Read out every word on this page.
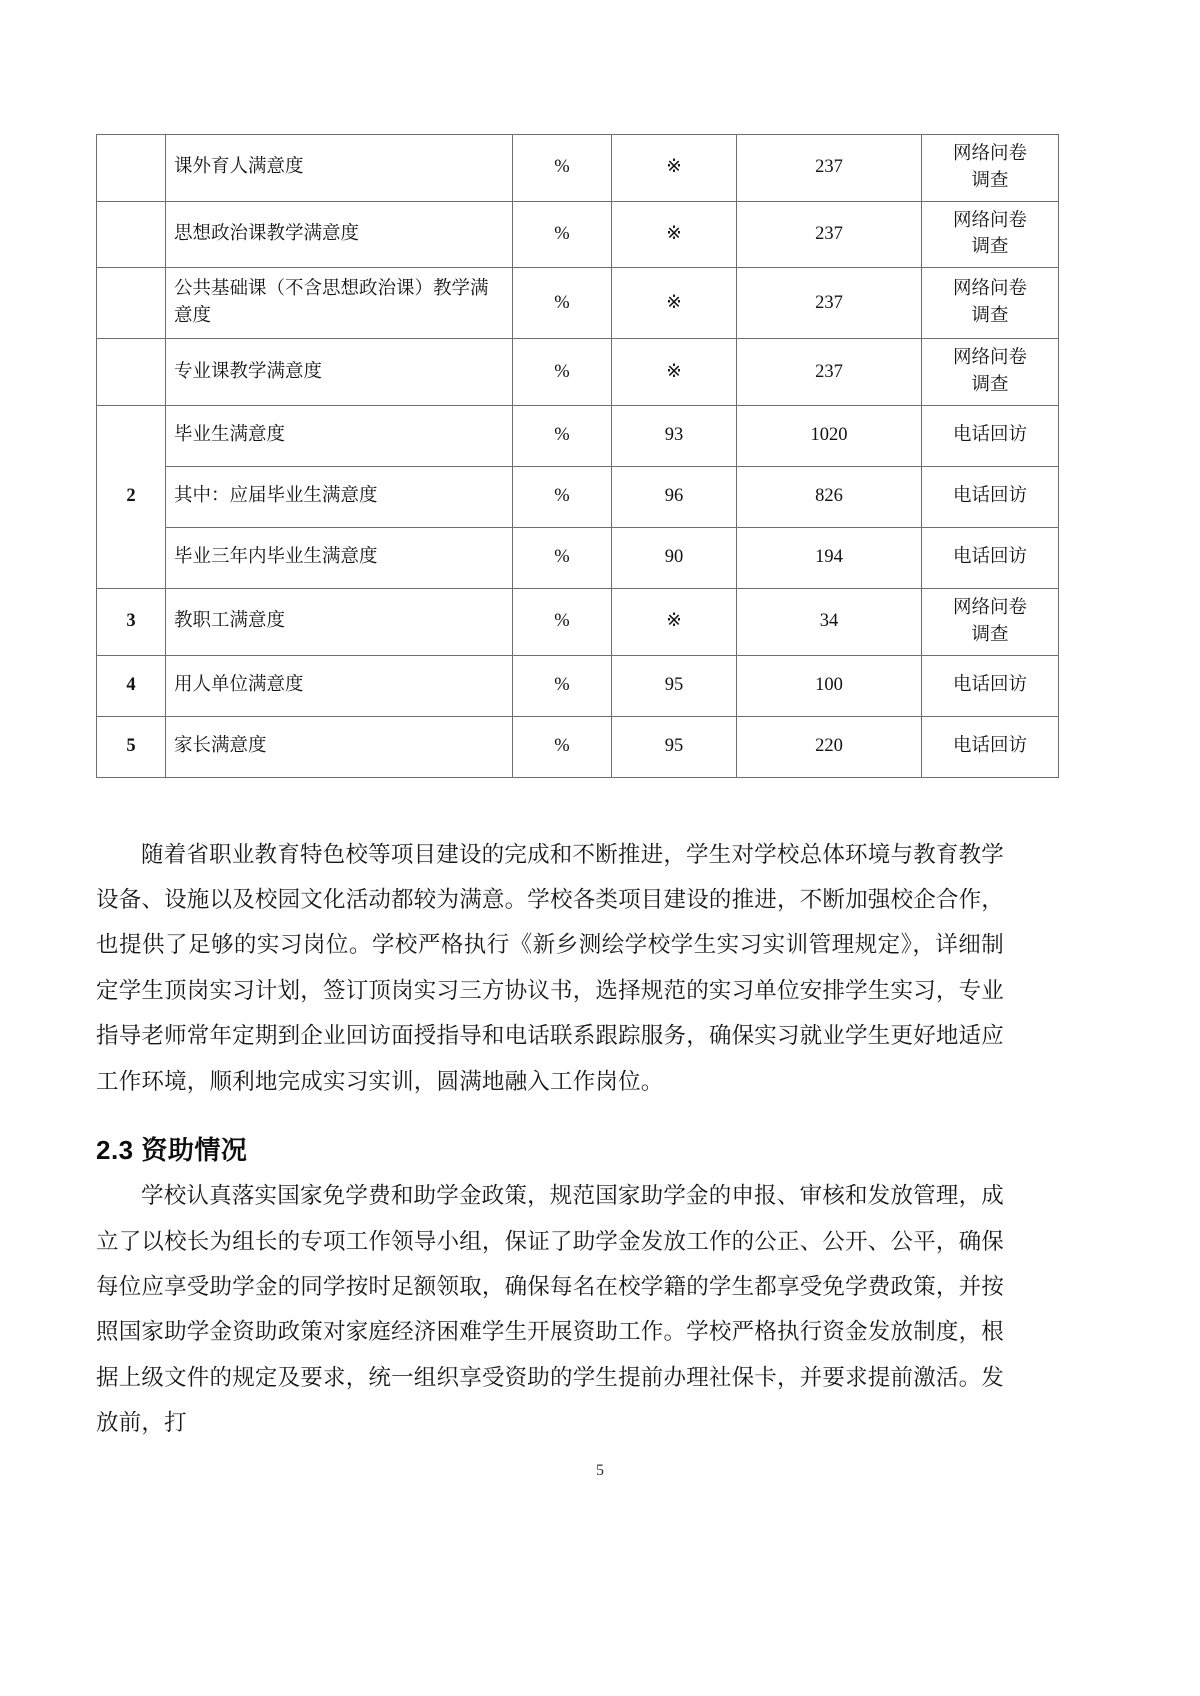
	课外育人满意度	%	※	237	网络问卷
调查
	思想政治课教学满意度	%	※	237	网络问卷
调查
	公共基础课（不含思想政治课）教学满意度	%	※	237	网络问卷
调查
	专业课教学满意度	%	※	237	网络问卷
调查
2	毕业生满意度	%	93	1020	电话回访
	其中：应届毕业生满意度	%	96	826	电话回访
	毕业三年内毕业生满意度	%	90	194	电话回访
3	教职工满意度	%	※	34	网络问卷
调查
4	用人单位满意度	%	95	100	电话回访
5	家长满意度	%	95	220	电话回访

随着省职业教育特色校等项目建设的完成和不断推进，学生对学校总体环境与教育教学设备、设施以及校园文化活动都较为满意。学校各类项目建设的推进，不断加强校企合作，也提供了足够的实习岗位。学校严格执行《新乡测绘学校学生实习实训管理规定》，详细制定学生顶岗实习计划，签订顶岗实习三方协议书，选择规范的实习单位安排学生实习，专业指导老师常年定期到企业回访面授指导和电话联系跟踪服务，确保实习就业学生更好地适应工作环境，顺利地完成实习实训，圆满地融入工作岗位。

2.3 资助情况

学校认真落实国家免学费和助学金政策，规范国家助学金的申报、审核和发放管理，成立了以校长为组长的专项工作领导小组，保证了助学金发放工作的公正、公开、公平，确保每位应享受助学金的同学按时足额领取，确保每名在校学籍的学生都享受免学费政策，并按照国家助学金资助政策对家庭经济困难学生开展资助工作。学校严格执行资金发放制度，根据上级文件的规定及要求，统一组织享受资助的学生提前办理社保卡，并要求提前激活。发放前，打

5
